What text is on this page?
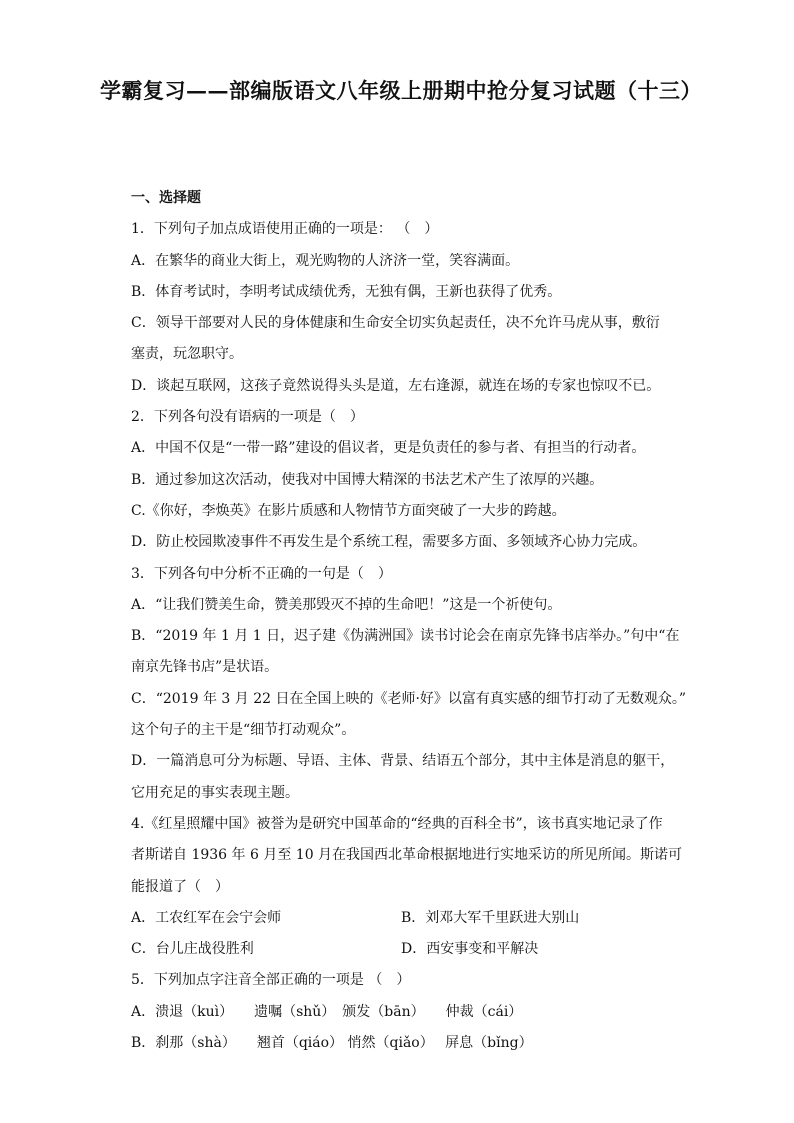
学霸复习——部编版语文八年级上册期中抢分复习试题（十三）
一、选择题
1．下列句子加点成语使用正确的一项是： （　）
A．在繁华的商业大街上，观光购物的人济济一堂，笑容满面。
B．体育考试时，李明考试成绩优秀，无独有偶，王新也获得了优秀。
C．领导干部要对人民的身体健康和生命安全切实负起责任，决不允许马虎从事，敷衍
塞责，玩忽职守。
D．谈起互联网，这孩子竟然说得头头是道，左右逢源，就连在场的专家也惊叹不已。
2．下列各句没有语病的一项是（　）
A．中国不仅是“一带一路”建设的倡议者，更是负责任的参与者、有担当的行动者。
B．通过参加这次活动，使我对中国博大精深的书法艺术产生了浓厚的兴趣。
C.《你好，李焕英》在影片质感和人物情节方面突破了一大步的跨越。
D．防止校园欺凌事件不再发生是个系统工程，需要多方面、多领域齐心协力完成。
3．下列各句中分析不正确的一句是（　）
A．“让我们赞美生命，赞美那毁灭不掉的生命吧！”这是一个祈使句。
B．“2019 年 1 月 1 日，迟子建《伪满洲国》读书讨论会在南京先锋书店举办。”句中“在
南京先锋书店”是状语。
C．“2019 年 3 月 22 日在全国上映的《老师·好》以富有真实感的细节打动了无数观众。”
这个句子的主干是“细节打动观众”。
D．一篇消息可分为标题、导语、主体、背景、结语五个部分，其中主体是消息的躯干，
它用充足的事实表现主题。
4.《红星照耀中国》被誉为是研究中国革命的“经典的百科全书”，该书真实地记录了作
者斯诺自 1936 年 6 月至 10 月在我国西北革命根据地进行实地采访的所见所闻。斯诺可
能报道了（　）
A．工农红军在会宁会师	B．刘邓大军千里跃进大别山
C．台儿庄战役胜利	D．西安事变和平解决
5．下列加点字注音全部正确的一项是 （　）
A．溃退（kuì）　　遗嘱（shǔ）　颁发（bān）　　仲裁（cái）
B．刹那（shà）　　翘首（qiáo） 悄然（qiǎo）　 屏息（bǐng）
